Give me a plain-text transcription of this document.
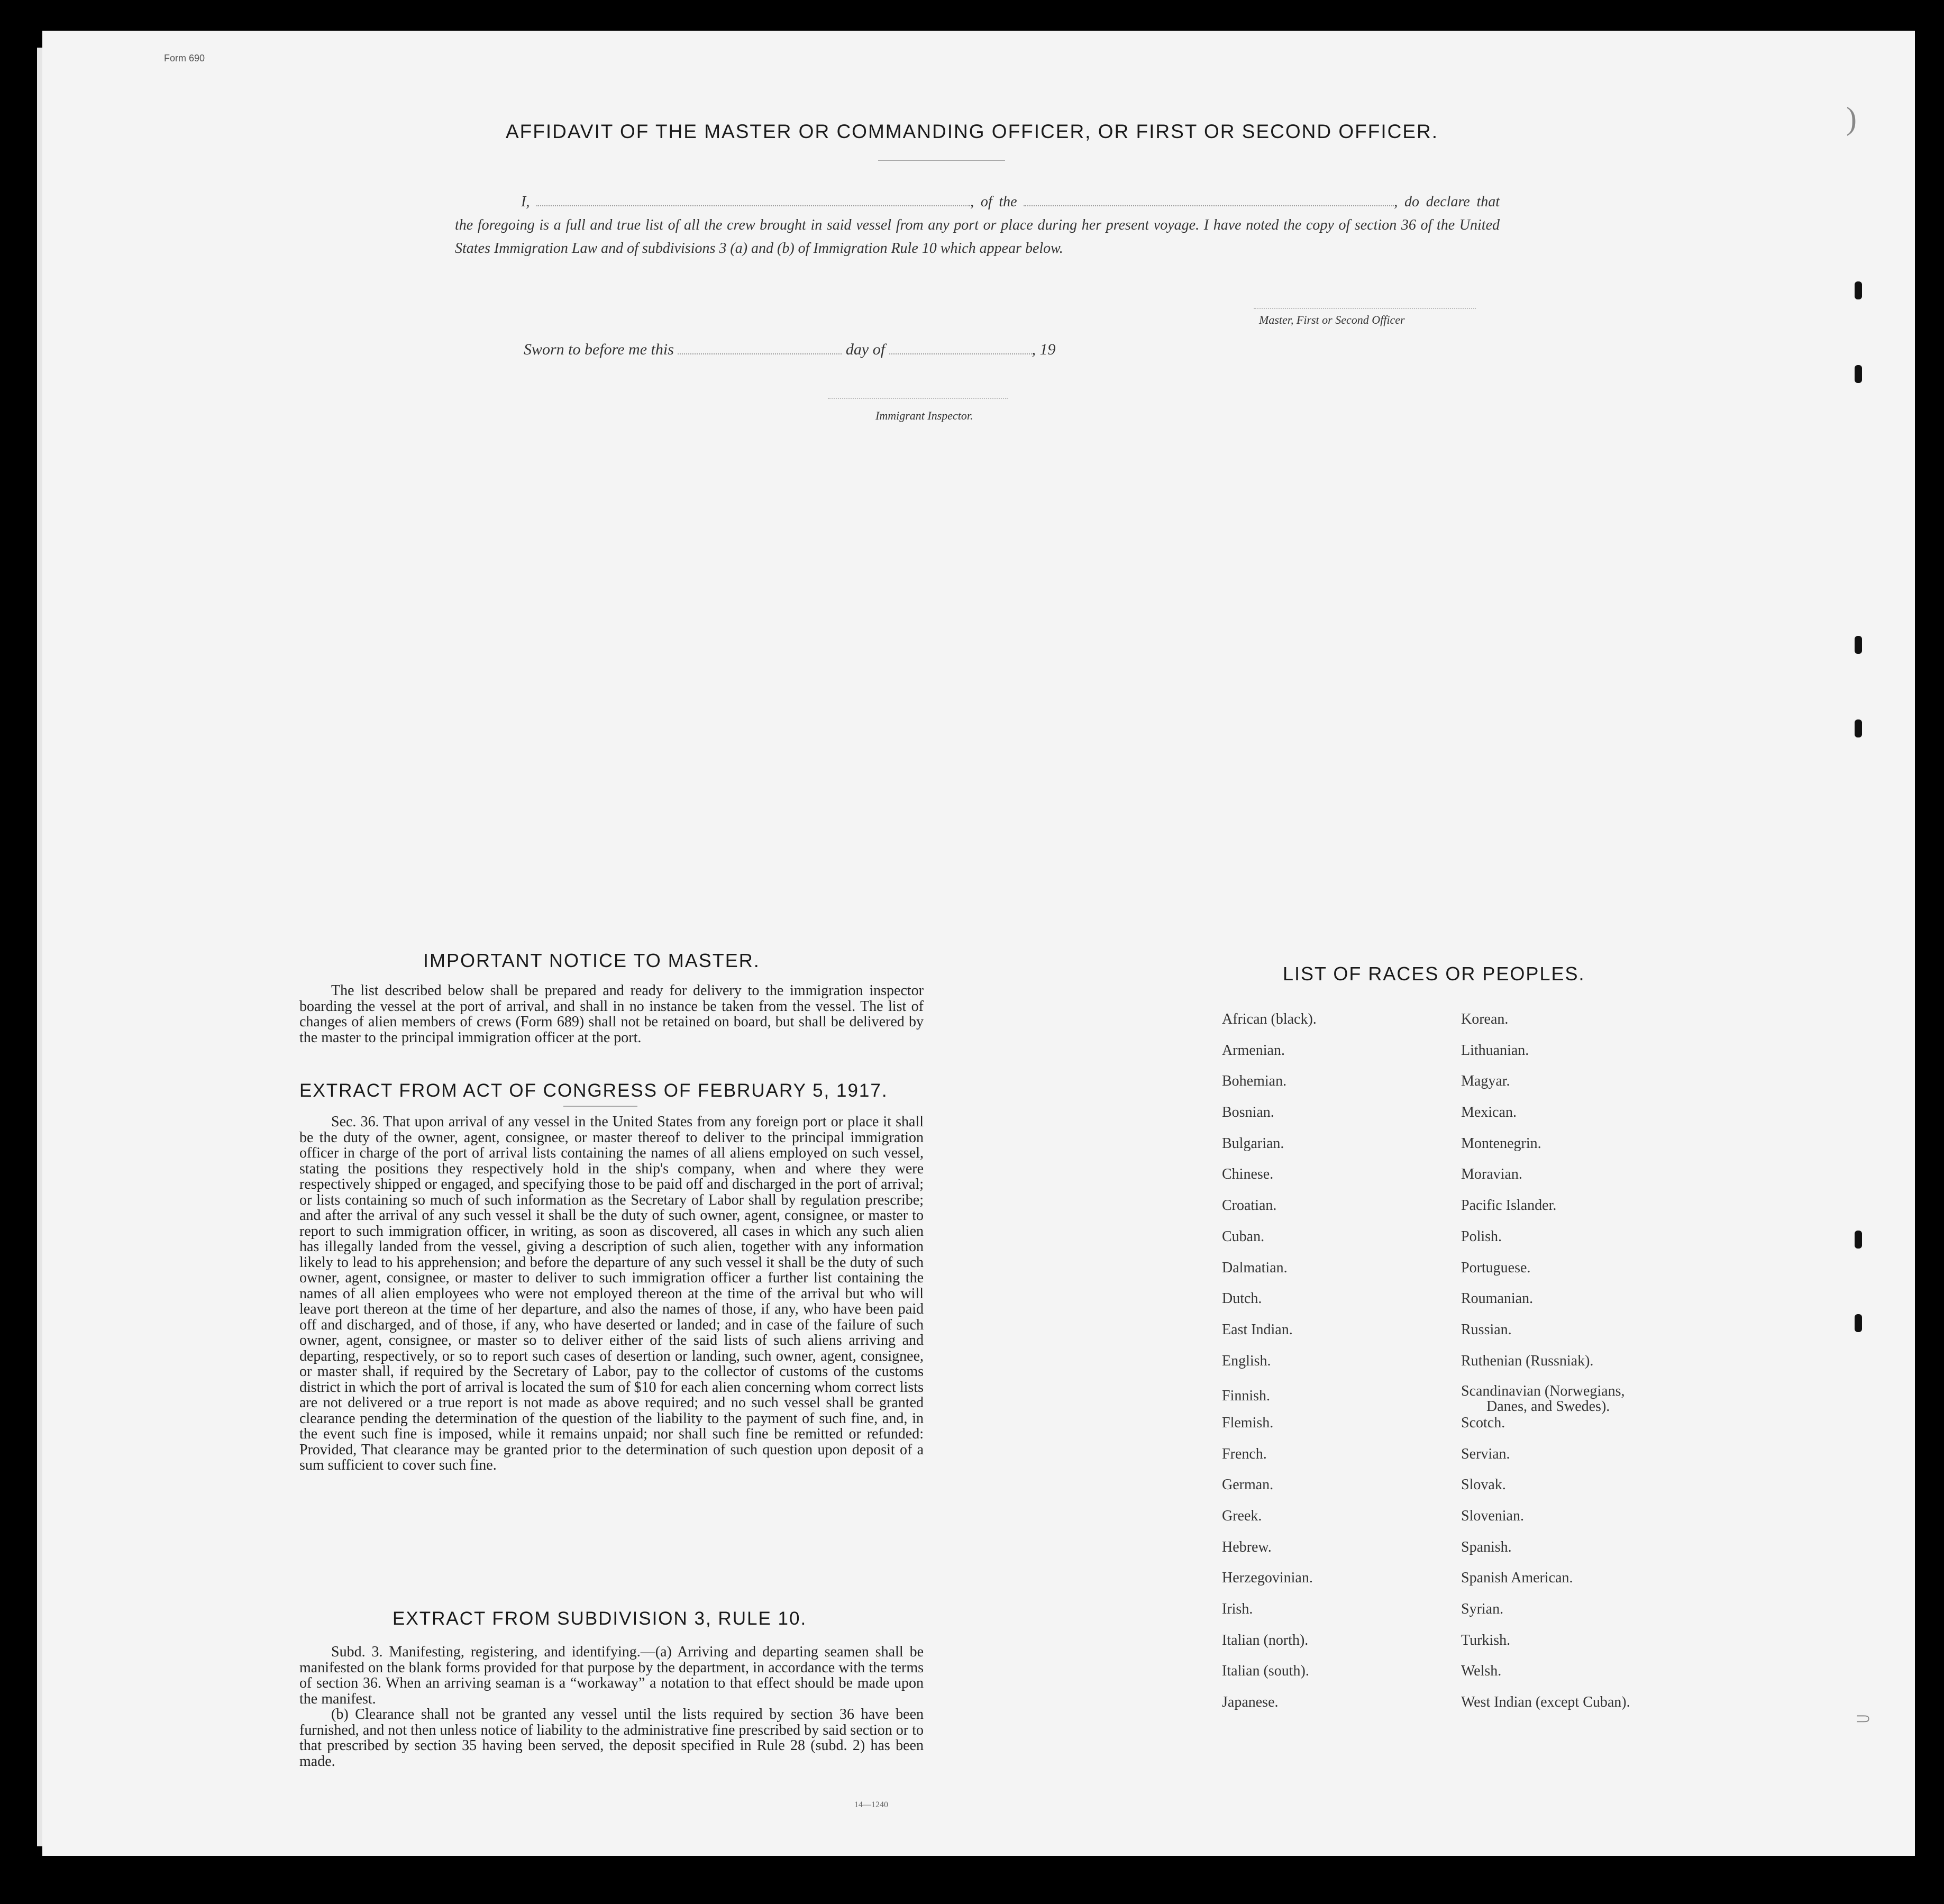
Form 690
AFFIDAVIT OF THE MASTER OR COMMANDING OFFICER, OR FIRST OR SECOND OFFICER.
I,	, of the	, do declare that the foregoing is a full and true list of all the crew brought in said vessel from any port or place during her present voyage. I have noted the copy of section 36 of the United States Immigration Law and of subdivisions 3 (a) and (b) of Immigration Rule 10 which appear below.
Master, First or Second Officer
Sworn to before me this	day of	, 19
Immigrant Inspector.
IMPORTANT NOTICE TO MASTER.
The list described below shall be prepared and ready for delivery to the immigration inspector boarding the vessel at the port of arrival, and shall in no instance be taken from the vessel. The list of changes of alien members of crews (Form 689) shall not be retained on board, but shall be delivered by the master to the principal immigration officer at the port.
EXTRACT FROM ACT OF CONGRESS OF FEBRUARY 5, 1917.
Sec. 36. That upon arrival of any vessel in the United States from any foreign port or place it shall be the duty of the owner, agent, consignee, or master thereof to deliver to the principal immigration officer in charge of the port of arrival lists containing the names of all aliens employed on such vessel, stating the positions they respectively hold in the ship's company, when and where they were respectively shipped or engaged, and specifying those to be paid off and discharged in the port of arrival; or lists containing so much of such information as the Secretary of Labor shall by regulation prescribe; and after the arrival of any such vessel it shall be the duty of such owner, agent, consignee, or master to report to such immigration officer, in writing, as soon as discovered, all cases in which any such alien has illegally landed from the vessel, giving a description of such alien, together with any information likely to lead to his apprehension; and before the departure of any such vessel it shall be the duty of such owner, agent, consignee, or master to deliver to such immigration officer a further list containing the names of all alien employees who were not employed thereon at the time of the arrival but who will leave port thereon at the time of her departure, and also the names of those, if any, who have been paid off and discharged, and of those, if any, who have deserted or landed; and in case of the failure of such owner, agent, consignee, or master so to deliver either of the said lists of such aliens arriving and departing, respectively, or so to report such cases of desertion or landing, such owner, agent, consignee, or master shall, if required by the Secretary of Labor, pay to the collector of customs of the customs district in which the port of arrival is located the sum of $10 for each alien concerning whom correct lists are not delivered or a true report is not made as above required; and no such vessel shall be granted clearance pending the determination of the question of the liability to the payment of such fine, and, in the event such fine is imposed, while it remains unpaid; nor shall such fine be remitted or refunded: Provided, That clearance may be granted prior to the determination of such question upon deposit of a sum sufficient to cover such fine.
EXTRACT FROM SUBDIVISION 3, RULE 10.

Subd. 3. Manifesting, registering, and identifying.—(a) Arriving and departing seamen shall be manifested on the blank forms provided for that purpose by the department, in accordance with the terms of section 36. When an arriving seaman is a “workaway” a notation to that effect should be made upon the manifest.

(b) Clearance shall not be granted any vessel until the lists required by section 36 have been furnished, and not then unless notice of liability to the administrative fine prescribed by said section or to that prescribed by section 35 having been served, the deposit specified in Rule 28 (subd. 2) has been made.

14—1240
LIST OF RACES OR PEOPLES.
African (black).
Armenian.
Bohemian.
Bosnian.
Bulgarian.
Chinese.
Croatian.
Cuban.
Dalmatian.
Dutch.
East Indian.
English.
Finnish.
Flemish.
French.
German.
Greek.
Hebrew.
Herzegovinian.
Irish.
Italian (north).
Italian (south).
Japanese.
Korean.
Lithuanian.
Magyar.
Mexican.
Montenegrin.
Moravian.
Pacific Islander.
Polish.
Portuguese.
Roumanian.
Russian.
Ruthenian (Russniak).
Scandinavian (Norwegians,
Danes, and Swedes).
Scotch.
Servian.
Slovak.
Slovenian.
Spanish.
Spanish American.
Syrian.
Turkish.
Welsh.
West Indian (except Cuban).
)
⸧
